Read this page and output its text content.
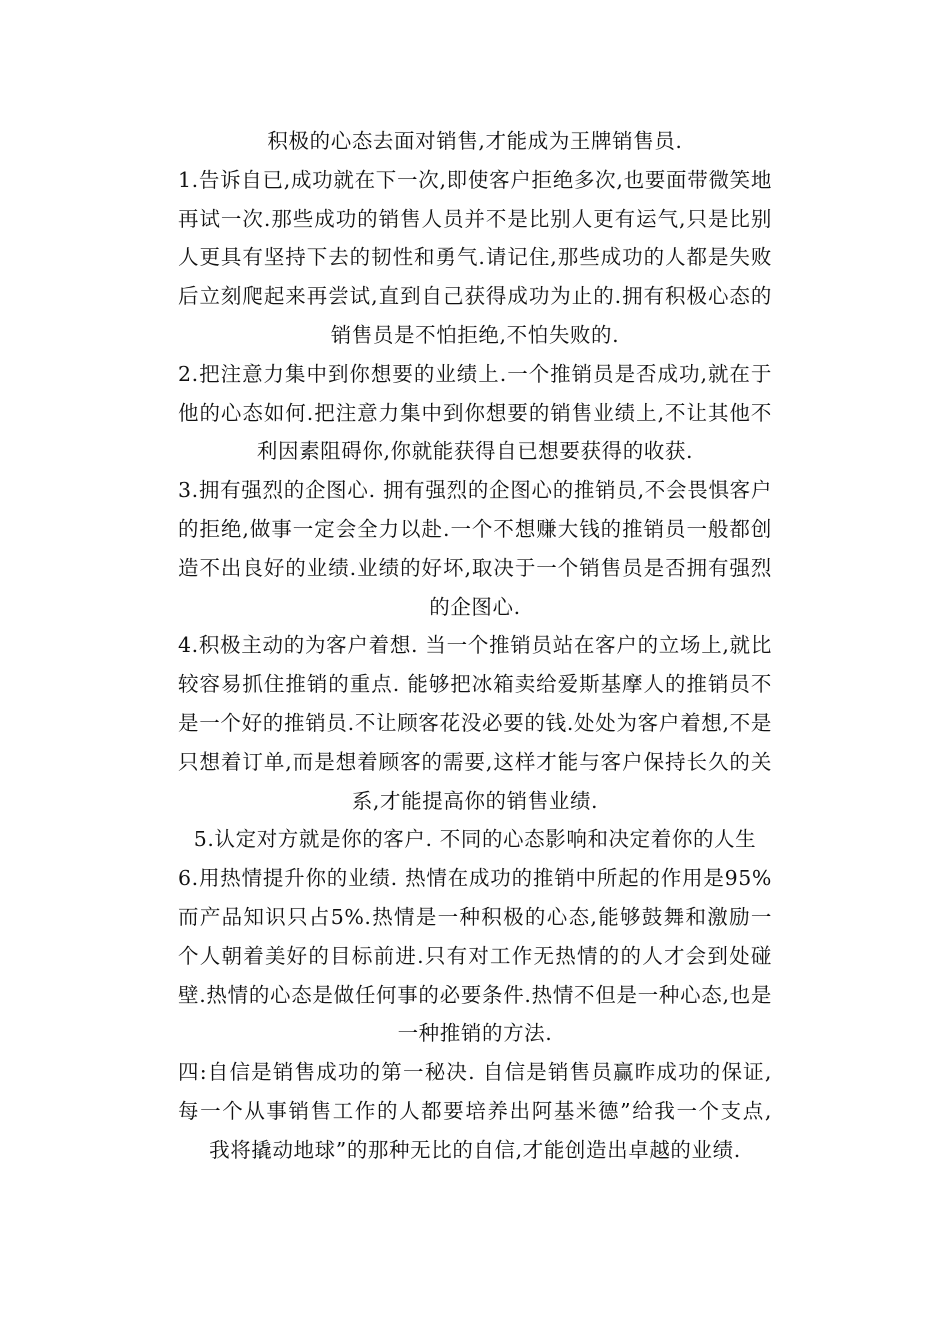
积极的心态去面对销售,才能成为王牌销售员.

1.告诉自已,成功就在下一次,即使客户拒绝多次,也要面带微笑地再试一次.那些成功的销售人员并不是比别人更有运气,只是比别人更具有坚持下去的韧性和勇气.请记住,那些成功的人都是失败后立刻爬起来再尝试,直到自己获得成功为止的.拥有积极心态的销售员是不怕拒绝,不怕失败的.

2.把注意力集中到你想要的业绩上.一个推销员是否成功,就在于他的心态如何.把注意力集中到你想要的销售业绩上,不让其他不利因素阻碍你,你就能获得自已想要获得的收获.

3.拥有强烈的企图心. 拥有强烈的企图心的推销员,不会畏惧客户的拒绝,做事一定会全力以赴.一个不想赚大钱的推销员一般都创造不出良好的业绩.业绩的好坏,取决于一个销售员是否拥有强烈的企图心.

4.积极主动的为客户着想. 当一个推销员站在客户的立场上,就比较容易抓住推销的重点. 能够把冰箱卖给爱斯基摩人的推销员不是一个好的推销员.不让顾客花没必要的钱.处处为客户着想,不是只想着订单,而是想着顾客的需要,这样才能与客户保持长久的关系,才能提高你的销售业绩.

5.认定对方就是你的客户. 不同的心态影响和决定着你的人生

6.用热情提升你的业绩. 热情在成功的推销中所起的作用是95% 而产品知识只占5%.热情是一种积极的心态,能够鼓舞和激励一个人朝着美好的目标前进.只有对工作无热情的的人才会到处碰壁.热情的心态是做任何事的必要条件.热情不但是一种心态,也是一种推销的方法.

四:自信是销售成功的第一秘决. 自信是销售员赢昨成功的保证,每一个从事销售工作的人都要培养出阿基米德”给我一个支点, 我将撬动地球”的那种无比的自信,才能创造出卓越的业绩.
